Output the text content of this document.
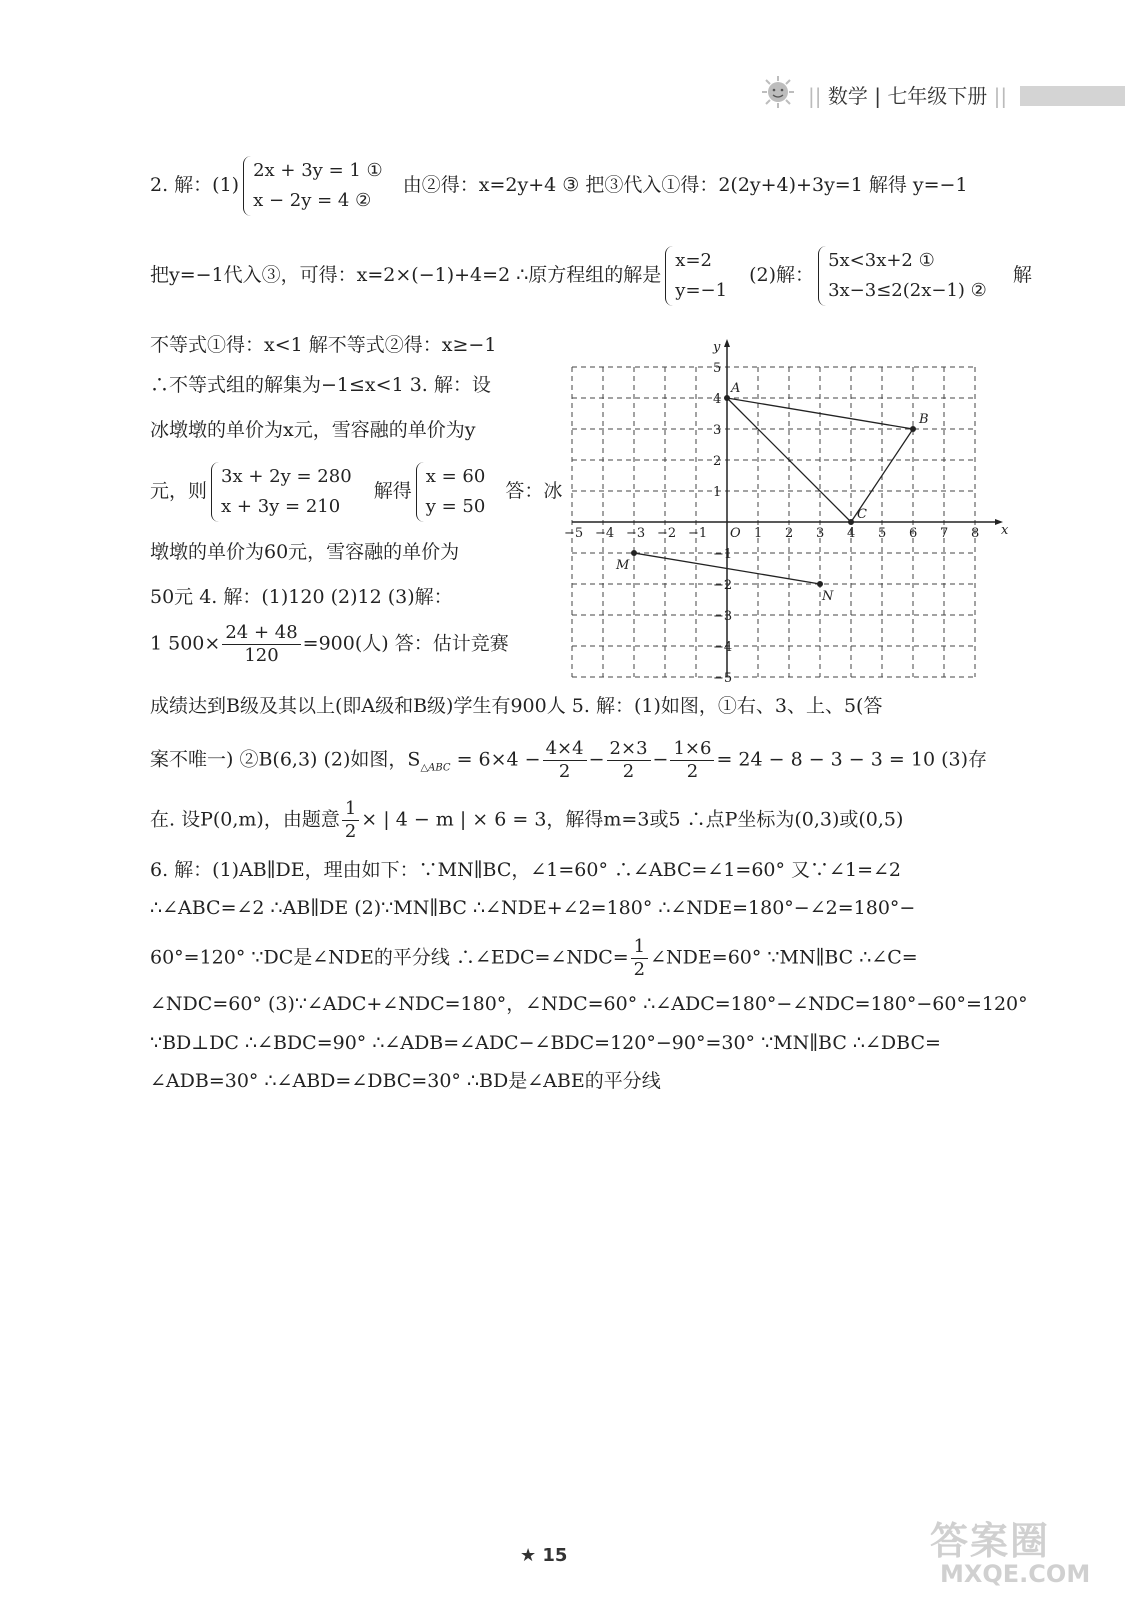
|| 数学 | 七年级下册 ||
2. 解：(1)
2x + 3y = 1 ①
x − 2y = 4 ②
由②得：x=2y+4 ③ 把③代入①得：2(2y+4)+3y=1 解得 y=−1
把y=−1代入③，可得：x=2×(−1)+4=2 ∴原方程组的解是
x=2
y=−1
(2)解：
5x<3x+2 ①
3x−3≤2(2x−1) ②
解
不等式①得：x<1 解不等式②得：x≥−1
∴不等式组的解集为−1≤x<1 3. 解：设
冰墩墩的单价为x元，雪容融的单价为y
元，则
3x + 2y = 280
x + 3y = 210
解得
x = 60
y = 50
答：冰
墩墩的单价为60元，雪容融的单价为
50元 4. 解：(1)120 (2)12 (3)解：
1 $500\times \frac{24 + 48}{120} =900$(人) 答：估计竞赛
x
y
−5 −4 −3 −2 −1	1 2 3 4 5 6 7 8
O
−5
−4
−3
−2
−1
1
2
3
4
5
A
B
C
M
N
成绩达到B级及其以上(即A级和B级)学生有900人 5. 解：(1)如图，①右、3、上、5(答
案不唯一) ②B(6,3) (2)如图，$S_{\triangle ABC} = 6\times 4 - \frac{4\times 4}{2} - \frac{2\times 3}{2} - \frac{1\times 6}{2} = 24 - 8 - 3 - 3 = 10$ (3)存
在. 设P(0,m)，由题意 $\frac{1}{2}$ × | 4 − m | × 6 = 3，解得m=3或5 ∴点P坐标为(0,3)或(0,5)
6. 解：(1)AB∥DE，理由如下：∵MN∥BC，∠1=60° ∴∠ABC=∠1=60° 又∵∠1=∠2
∴∠ABC=∠2 ∴AB∥DE (2)∵MN∥BC ∴∠NDE+∠2=180° ∴∠NDE=180°−∠2=180°−
60°=120° ∵DC是∠NDE的平分线 ∴∠EDC=∠NDC= $\frac{1}{2}$ ∠NDE=60° ∵MN∥BC ∴∠C=
∠NDC=60° (3)∵∠ADC+∠NDC=180°，∠NDC=60° ∴∠ADC=180°−∠NDC=180°−60°=120°
∵BD⊥DC ∴∠BDC=90° ∴∠ADB=∠ADC−∠BDC=120°−90°=30° ∵MN∥BC ∴∠DBC=
∠ADB=30° ∴∠ABD=∠DBC=30° ∴BD是∠ABE的平分线
★ 15	答案圈
MXQE.COM
